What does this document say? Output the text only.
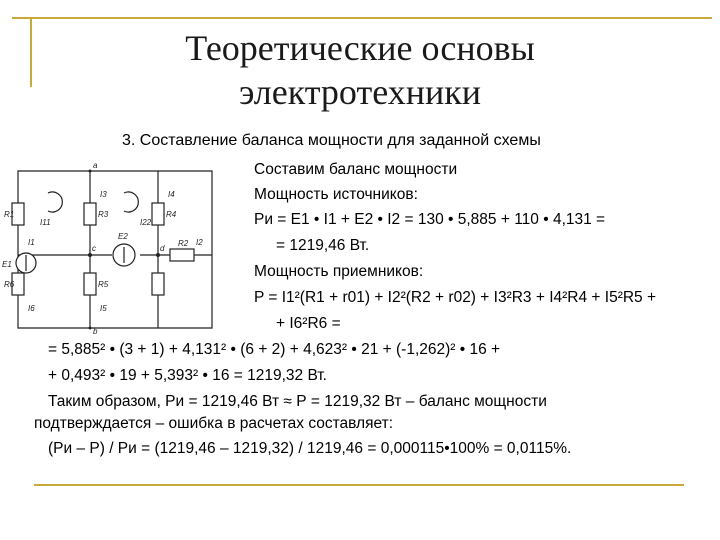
Теоретические основы
электротехники
3. Составление баланса мощности для заданной схемы
R1
R6
E1
R3
R5
R4
R2
E2
a
b
c	d
I11	I22
I3	I4
I5
I6
I2
I1
Составим баланс мощности
Мощность источников:
Ри = Е1 • I1 + Е2 • I2 = 130 • 5,885 + 110 • 4,131 =
= 1219,46 Вт.
Мощность приемников:
P = I1²(R1 + r01) + I2²(R2 + r02) + I3²R3 + I4²R4 + I5²R5 +
+ I6²R6 =
= 5,885² • (3 + 1) + 4,131² • (6 + 2) + 4,623² • 21 + (-1,262)² • 16 +
+ 0,493² • 19 + 5,393² • 16 = 1219,32 Вт.
Таким образом, Ри = 1219,46 Вт ≈ Р = 1219,32 Вт – баланс мощности
подтверждается – ошибка в расчетах составляет:
(Ри – Р) / Ри = (1219,46 – 1219,32) / 1219,46 = 0,000115•100% = 0,0115%.
